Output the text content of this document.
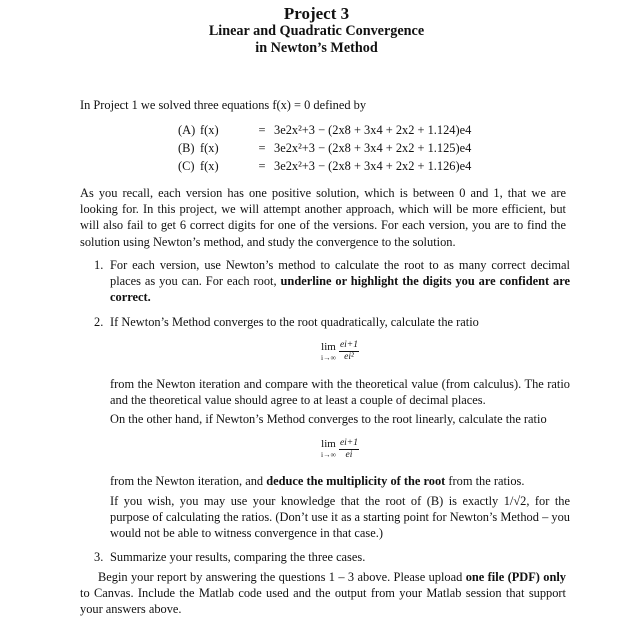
Project 3
Linear and Quadratic Convergence
in Newton’s Method
In Project 1 we solved three equations f(x) = 0 defined by
(A) f(x)	= 3e2x²+3 − (2x8 + 3x4 + 2x2 + 1.124)e4
(B) f(x)	= 3e2x²+3 − (2x8 + 3x4 + 2x2 + 1.125)e4
(C) f(x)	= 3e2x²+3 − (2x8 + 3x4 + 2x2 + 1.126)e4
As you recall, each version has one positive solution, which is between 0 and 1, that we are looking for. In this project, we will attempt another approach, which will be more efficient, but will also fail to get 6 correct digits for one of the versions. For each version, you are to find the solution using Newton’s method, and study the convergence to the solution.
1. For each version, use Newton’s method to calculate the root to as many correct decimal places as you can. For each root, underline or highlight the digits you are confident are correct.

2. If Newton’s Method converges to the root quadratically, calculate the ratio

lim
$i\to\infty \frac{ei+1}{\text{ei²}}$

from the Newton iteration and compare with the theoretical value (from calculus). The ratio and the theoretical value should agree to at least a couple of decimal places.

On the other hand, if Newton’s Method converges to the root linearly, calculate the ratio

lim
$i\to\infty \frac{ei+1}{ei}$

from the Newton iteration, and deduce the multiplicity of the root from the ratios.

If you wish, you may use your knowledge that the root of (B) is exactly 1/√2, for the purpose of calculating the ratios. (Don’t use it as a starting point for Newton’s Method – you would not be able to witness convergence in that case.)

3. Summarize your results, comparing the three cases.

Begin your report by answering the questions 1 – 3 above. Please upload one file (PDF) only to Canvas. Include the Matlab code used and the output from your Matlab session that support your answers above.
